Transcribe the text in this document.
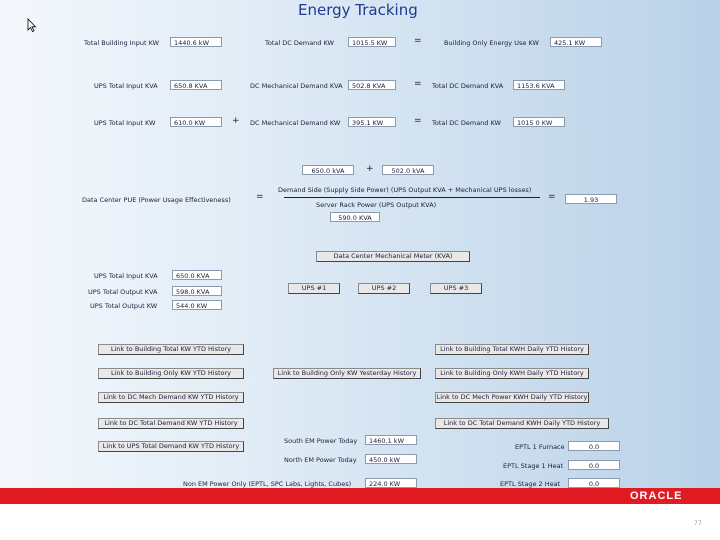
Energy Tracking
Total Building Input KW	1440.6 kW	Total DC Demand KW	1015.5 KW	=	Building Only Energy Use KW	425.1 KW
UPS Total Input KVA	650.8 KVA	DC Mechanical Demand KVA	502.8 KVA	= Total DC Demand KVA	1153.6 KVA
UPS Total Input KW	610.0 KW	+ DC Mechanical Demand KW	395.1 KW	= Total DC Demand KW	1015 0 KW
650.0 kVA	+	502.0 kVA
Data Center PUE (Power Usage Effectiveness)	=
Demand Side (Supply Side Power) (UPS Output KVA + Mechanical UPS losses)
Server Rack Power (UPS Output KVA)
590.0 KVA
=	1.93
Data Center Mechanical Meter (KVA)
UPS Total Input KVA	650.0 KVA
UPS Total Output KVA	598.0 KVA
UPS Total Output KW	544.0 KW
UPS #1	UPS #2	UPS #3
Link to Building Total KW YTD History
Link to Building Only KW YTD History
Link to DC Mech Demand KW YTD History
Link to DC Total Demand KW YTD History
Link to UPS Total Demand KW YTD History
Link to Building Only KW Yesterday History
Link to Building Total KWH Daily YTD History
Link to Building Only KWH Daily YTD History
Link to DC Mech Power KWH Daily YTD History
Link to DC Total Demand KWH Daily YTD History
South EM Power Today	1460.1 kW
North EM Power Today	450.0 kW
Non EM Power Only (EPTL, SPC Labs, Lights, Cubes)	224.0 KW
EPTL 1 Furnace	0.0
EPTL Stage 1 Heat	0.0
EPTL Stage 2 Heat	0.0
ORACLE
77
